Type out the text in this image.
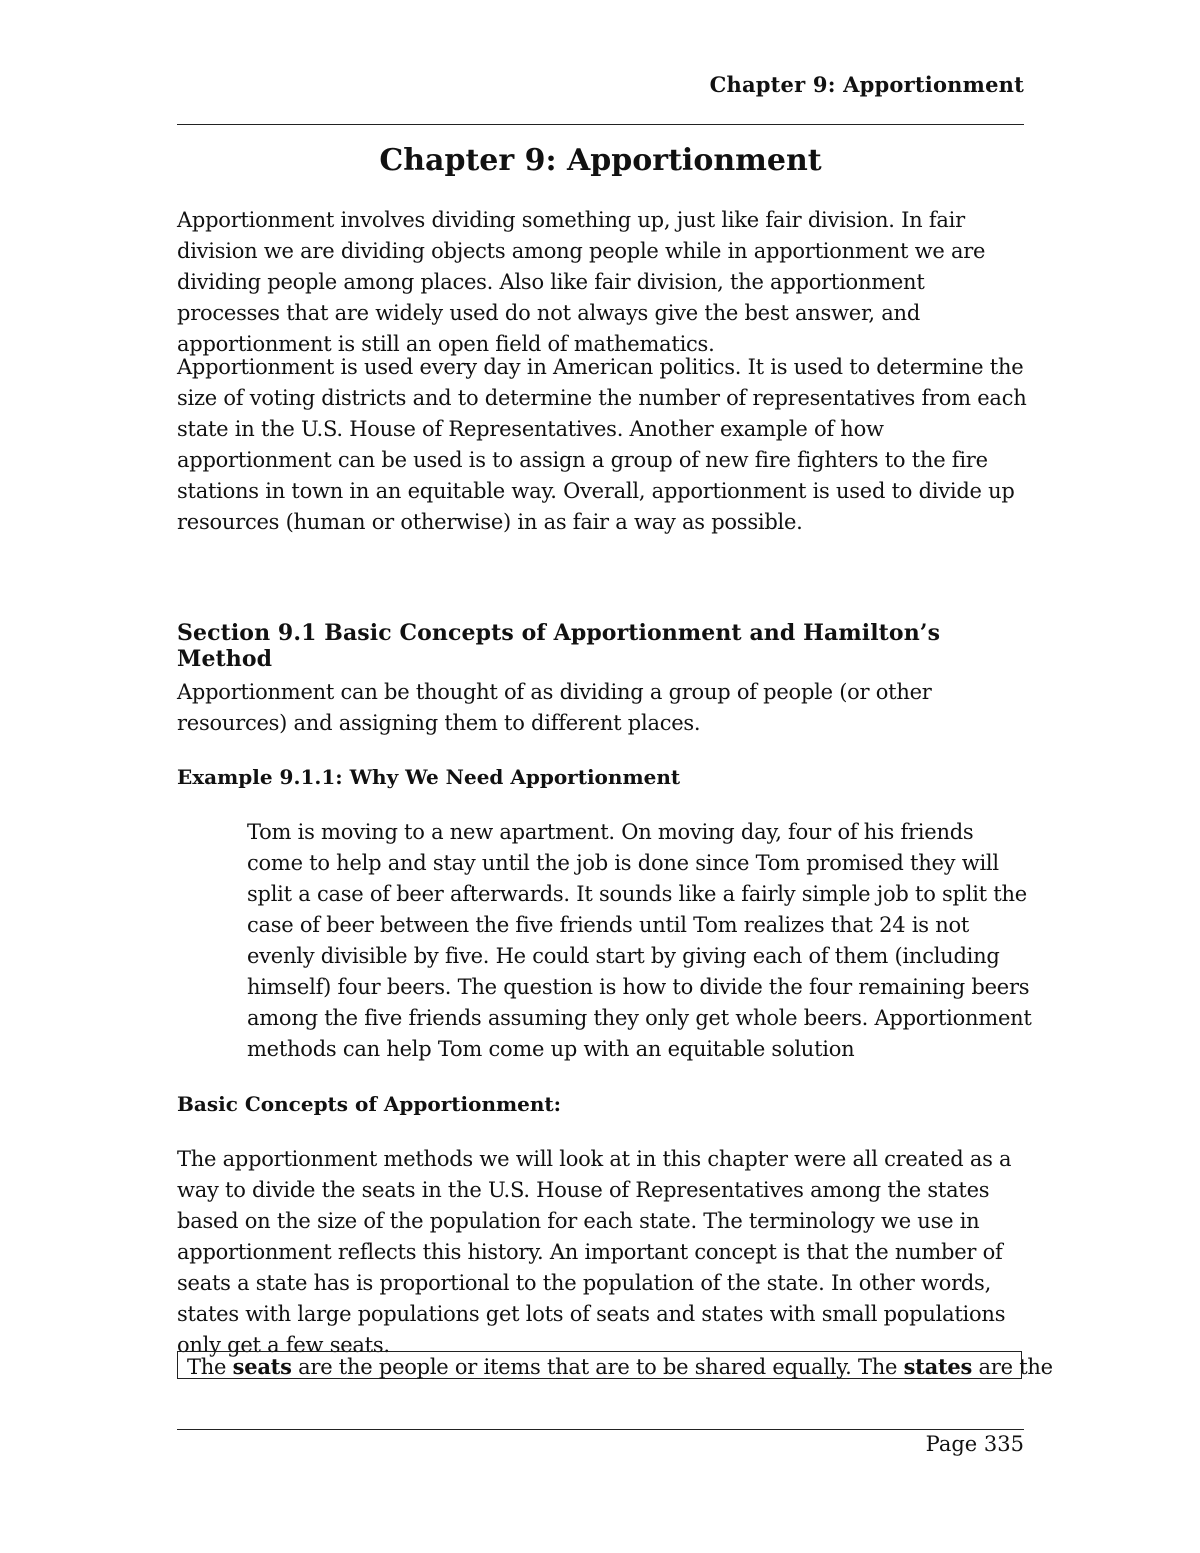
Chapter 9: Apportionment
Chapter 9: Apportionment

Apportionment involves dividing something up, just like fair division. In fair division we are dividing objects among people while in apportionment we are dividing people among places. Also like fair division, the apportionment processes that are widely used do not always give the best answer, and apportionment is still an open field of mathematics.

Apportionment is used every day in American politics. It is used to determine the size of voting districts and to determine the number of representatives from each state in the U.S. House of Representatives. Another example of how apportionment can be used is to assign a group of new fire fighters to the fire stations in town in an equitable way. Overall, apportionment is used to divide up resources (human or otherwise) in as fair a way as possible.

Section 9.1 Basic Concepts of Apportionment and Hamilton’s Method

Apportionment can be thought of as dividing a group of people (or other resources) and assigning them to different places.

Example 9.1.1: Why We Need Apportionment

Tom is moving to a new apartment. On moving day, four of his friends come to help and stay until the job is done since Tom promised they will split a case of beer afterwards. It sounds like a fairly simple job to split the case of beer between the five friends until Tom realizes that 24 is not evenly divisible by five. He could start by giving each of them (including himself) four beers. The question is how to divide the four remaining beers among the five friends assuming they only get whole beers. Apportionment methods can help Tom come up with an equitable solution

Basic Concepts of Apportionment:

The apportionment methods we will look at in this chapter were all created as a way to divide the seats in the U.S. House of Representatives among the states based on the size of the population for each state. The terminology we use in apportionment reflects this history. An important concept is that the number of seats a state has is proportional to the population of the state. In other words, states with large populations get lots of seats and states with small populations only get a few seats.

The seats are the people or items that are to be shared equally. The states are the

Page 335
